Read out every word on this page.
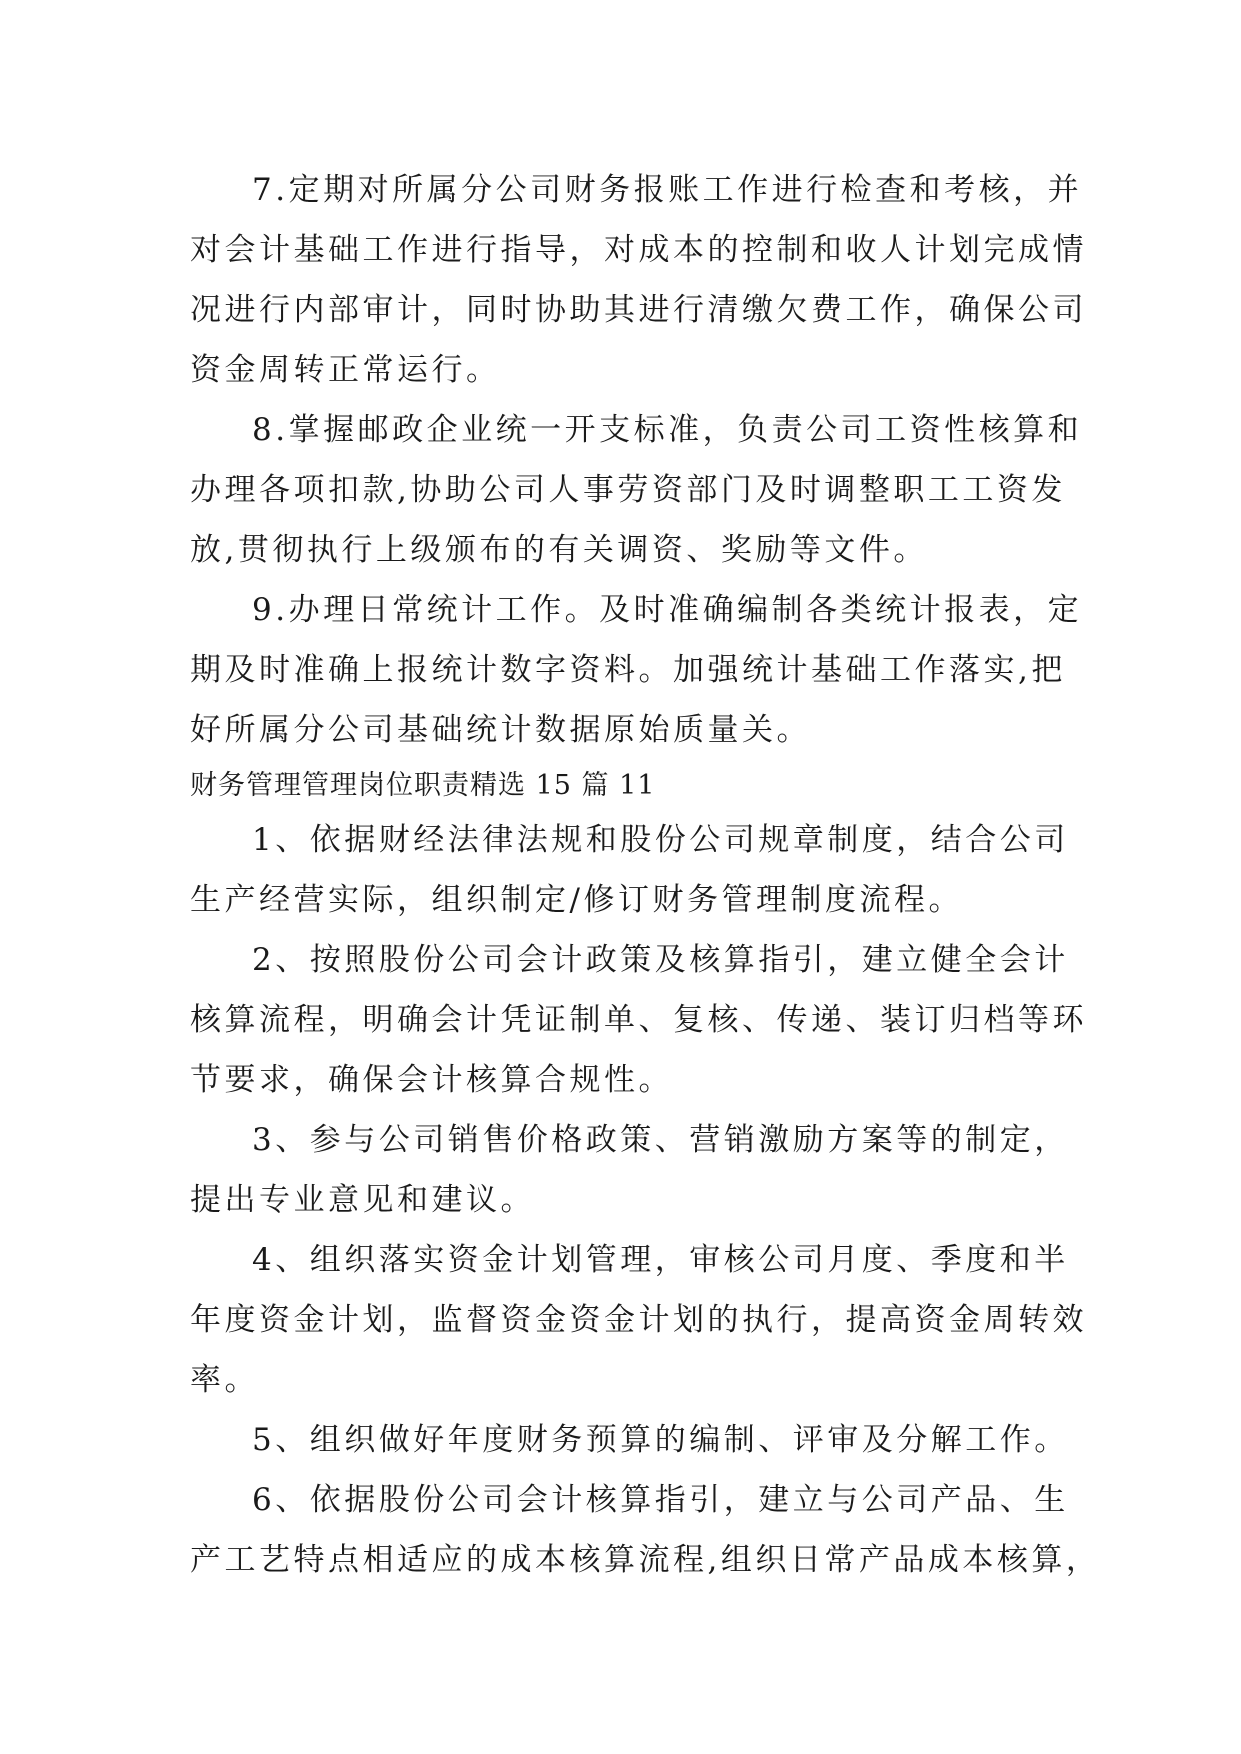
7.定期对所属分公司财务报账工作进行检查和考核，并
对会计基础工作进行指导，对成本的控制和收人计划完成情
况进行内部审计，同时协助其进行清缴欠费工作，确保公司
资金周转正常运行。
8.掌握邮政企业统一开支标准，负责公司工资性核算和
办理各项扣款,协助公司人事劳资部门及时调整职工工资发
放,贯彻执行上级颁布的有关调资、奖励等文件。
9.办理日常统计工作。及时准确编制各类统计报表，定
期及时准确上报统计数字资料。加强统计基础工作落实,把
好所属分公司基础统计数据原始质量关。
财务管理管理岗位职责精选 15 篇 11
1、依据财经法律法规和股份公司规章制度，结合公司
生产经营实际，组织制定/修订财务管理制度流程。
2、按照股份公司会计政策及核算指引，建立健全会计
核算流程，明确会计凭证制单、复核、传递、装订归档等环
节要求，确保会计核算合规性。
3、参与公司销售价格政策、营销激励方案等的制定，
提出专业意见和建议。
4、组织落实资金计划管理，审核公司月度、季度和半
年度资金计划，监督资金资金计划的执行，提高资金周转效
率。
5、组织做好年度财务预算的编制、评审及分解工作。
6、依据股份公司会计核算指引，建立与公司产品、生
产工艺特点相适应的成本核算流程,组织日常产品成本核算，
